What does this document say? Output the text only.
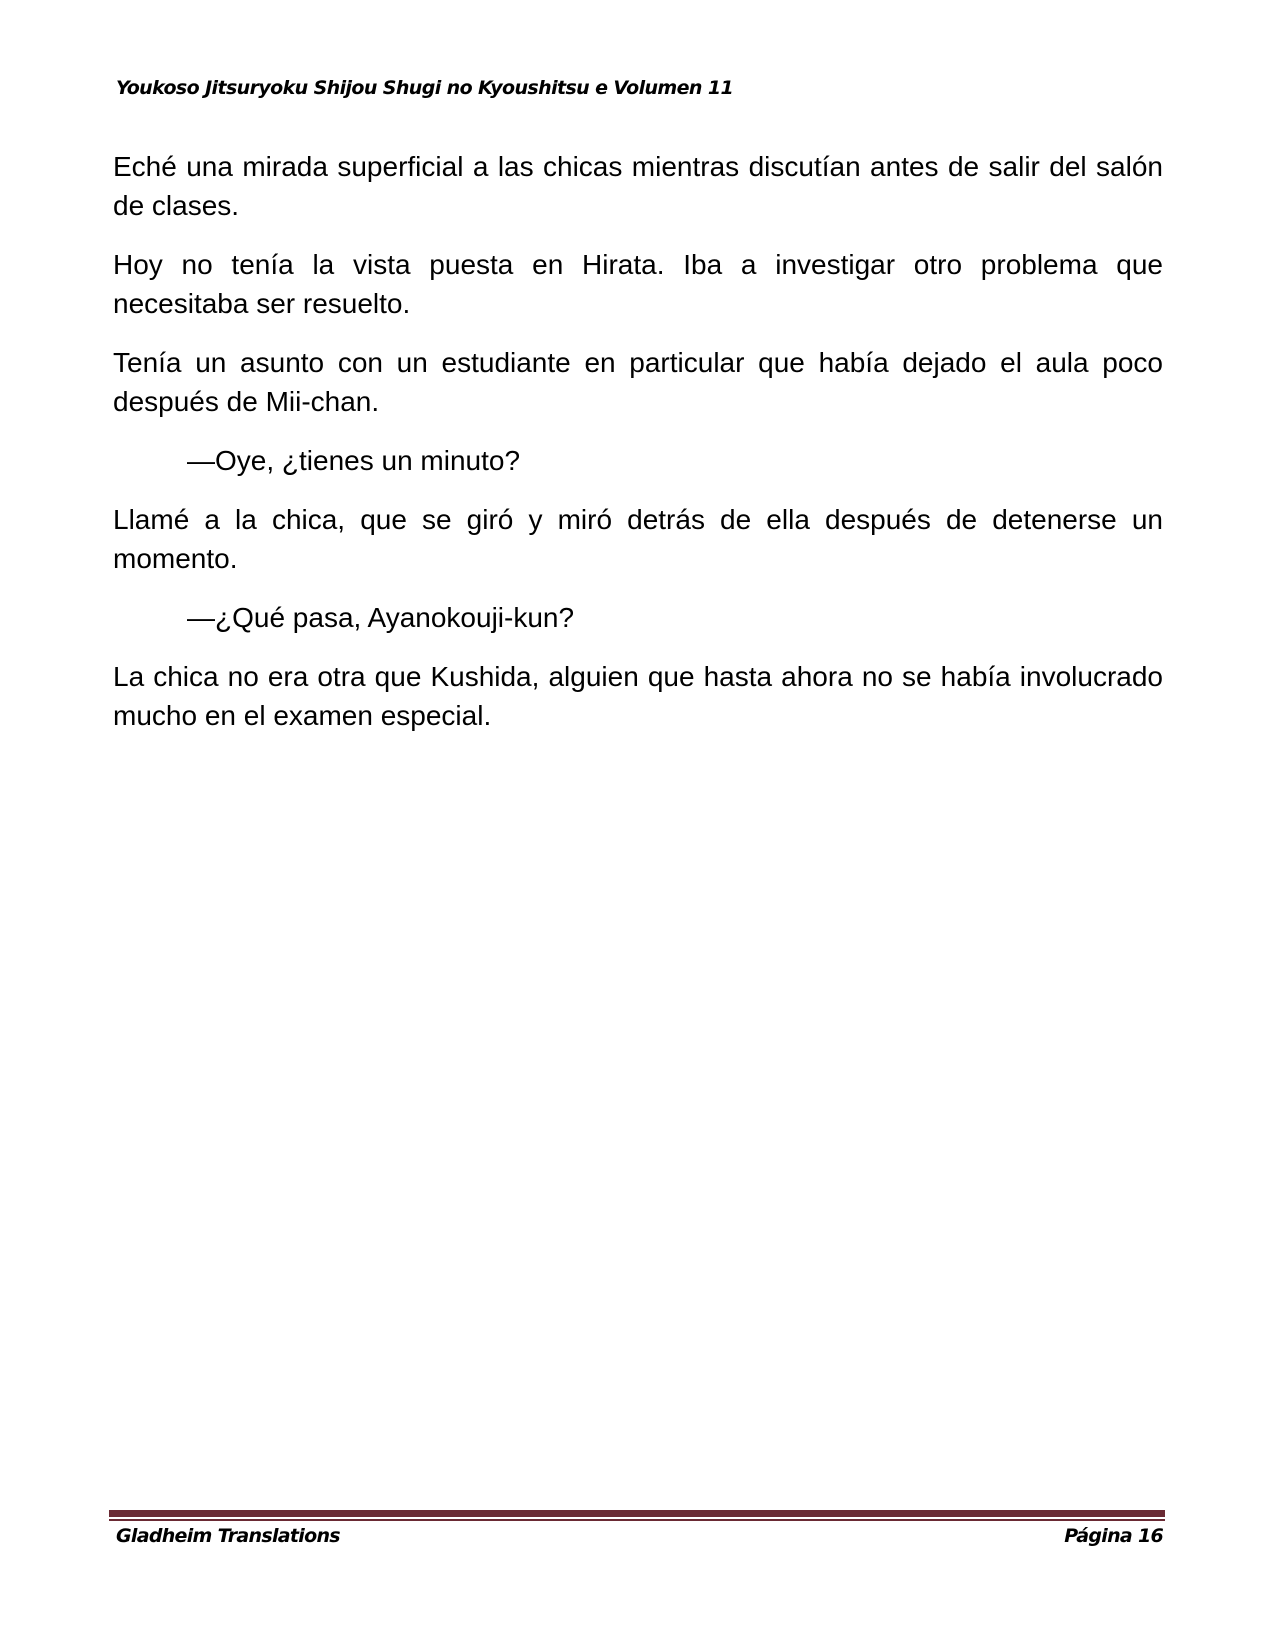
Youkoso Jitsuryoku Shijou Shugi no Kyoushitsu e Volumen 11

Eché una mirada superficial a las chicas mientras discutían antes de salir del salón de clases.

Hoy no tenía la vista puesta en Hirata. Iba a investigar otro problema que necesitaba ser resuelto.

Tenía un asunto con un estudiante en particular que había dejado el aula poco después de Mii-chan.

—Oye, ¿tienes un minuto?

Llamé a la chica, que se giró y miró detrás de ella después de detenerse un momento.

—¿Qué pasa, Ayanokouji-kun?

La chica no era otra que Kushida, alguien que hasta ahora no se había involucrado mucho en el examen especial.

Gladheim Translations	Página 16
